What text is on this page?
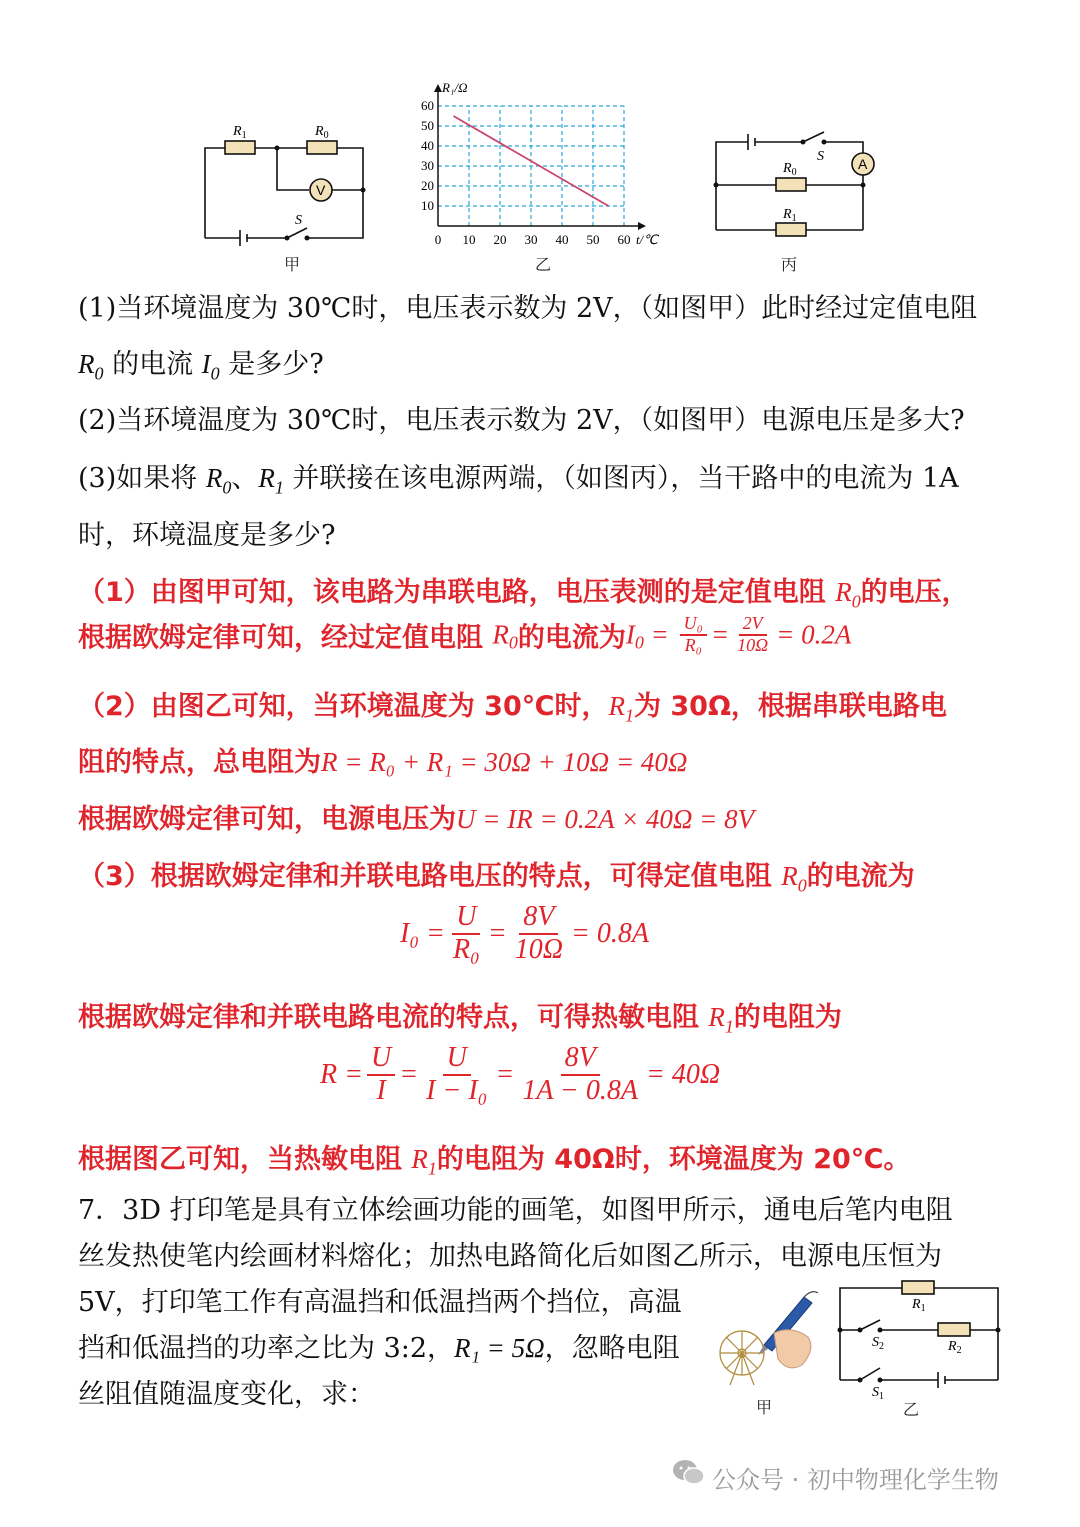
$R_1$	$R_0$
V
S
甲
10
20
30
40
50
60
10 20 30 40 50 60
0
R₁/Ω
t/℃
乙
S A
$R_0$
$R_1$
丙
(1)当环境温度为 30℃时，电压表示数为 2V，（如图甲）此时经过定值电阻
$R_0$ 的电流 $I_0$ 是多少?
(2)当环境温度为 30℃时，电压表示数为 2V，（如图甲）电源电压是多大?
(3)如果将 $R_0$、$R_1$ 并联接在该电源两端，（如图丙），当干路中的电流为 1A
时，环境温度是多少?
（1）由图甲可知，该电路为串联电路，电压表测的是定值电阻 $R_0$的电压，
根据欧姆定律可知，经过定值电阻 $R_0$的电流为$I_0 = \frac{\text{U₀}}{\text{R₀}} = \frac{2V}{10\Omega} = 0.2A$
（2）由图乙可知，当环境温度为 30℃时，$R_1$为 30Ω，根据串联电路电
阻的特点，总电阻为R = R₀ + R₁ = 30Ω + 10Ω = 40Ω
根据欧姆定律可知，电源电压为U = IR = 0.2A × 40Ω = 8V
（3）根据欧姆定律和并联电路电压的特点，可得定值电阻 $R_0$的电流为
$I_0 = \frac{U}{\text{R₀}} = \frac{8V}{10\Omega} = 0.8A$
根据欧姆定律和并联电路电流的特点，可得热敏电阻 $R_1$的电阻为
$R = \frac{U}{I} = \frac{U}{\text{I − I₀}} = \frac{8V}{1A - 0.8A} = 40\Omega$
根据图乙可知，当热敏电阻 $R_1$的电阻为 40Ω时，环境温度为 20℃。
7．3D 打印笔是具有立体绘画功能的画笔，如图甲所示，通电后笔内电阻
丝发热使笔内绘画材料熔化；加热电路简化后如图乙所示，电源电压恒为
5V，打印笔工作有高温挡和低温挡两个挡位，高温
挡和低温挡的功率之比为 3:2，R₁ = 5Ω，忽略电阻
丝阻值随温度变化，求：	甲
$R_1$
$R_2$
$S_2$
$S_1$
乙
公众号 · 初中物理化学生物
